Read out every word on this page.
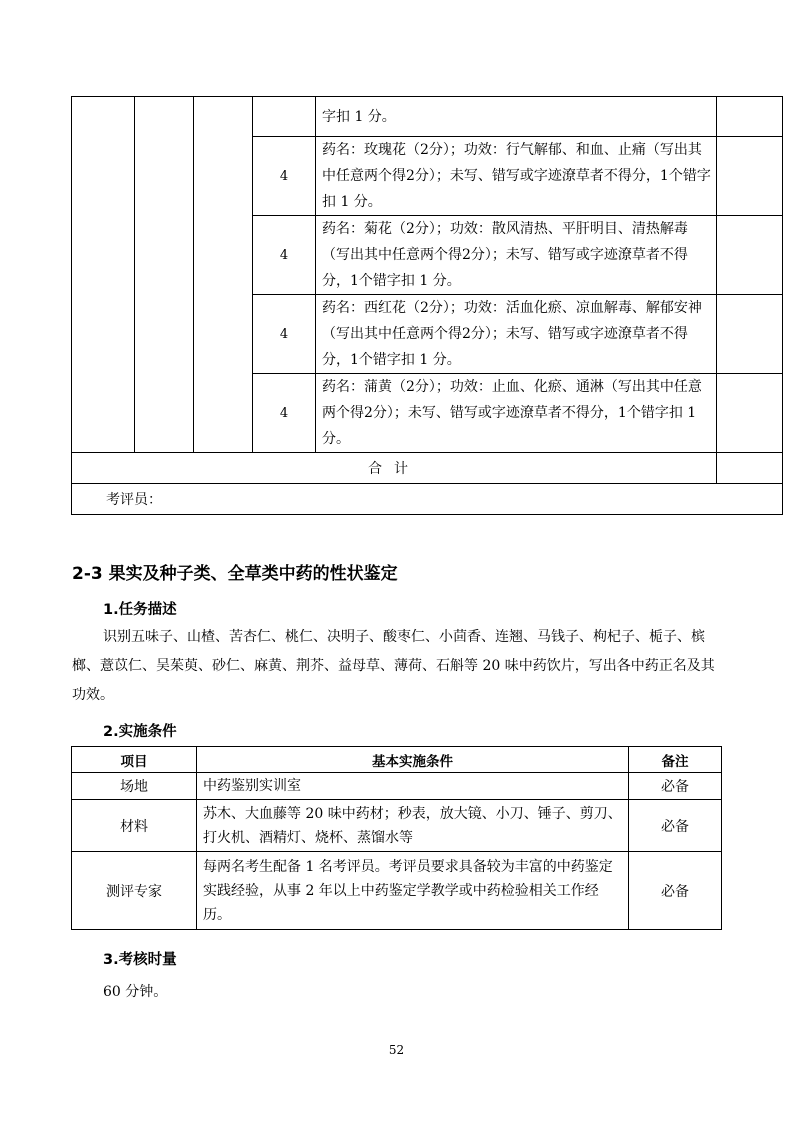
				字扣 1 分。	
			4	药名：玫瑰花（2分）；功效：行气解郁、和血、止痛（写出其中任意两个得2分）；未写、错写或字迹潦草者不得分，1个错字扣 1 分。	
			4	药名：菊花（2分）；功效：散风清热、平肝明目、清热解毒（写出其中任意两个得2分）；未写、错写或字迹潦草者不得分，1个错字扣 1 分。	
			4	药名：西红花（2分）；功效：活血化瘀、凉血解毒、解郁安神（写出其中任意两个得2分）；未写、错写或字迹潦草者不得分，1个错字扣 1 分。	
			4	药名：蒲黄（2分）；功效：止血、化瘀、通淋（写出其中任意两个得2分）；未写、错写或字迹潦草者不得分，1个错字扣 1 分。	
合计					
考评员：					
2-3 果实及种子类、全草类中药的性状鉴定
1.任务描述
识别五味子、山楂、苦杏仁、桃仁、决明子、酸枣仁、小茴香、连翘、马钱子、枸杞子、栀子、槟榔、薏苡仁、吴茱萸、砂仁、麻黄、荆芥、益母草、薄荷、石斛等 20 味中药饮片，写出各中药正名及其功效。
2.实施条件
项目	基本实施条件	备注
场地	中药鉴别实训室	必备
材料	苏木、大血藤等 20 味中药材；秒表，放大镜、小刀、锤子、剪刀、打火机、酒精灯、烧杯、蒸馏水等	必备
测评专家	每两名考生配备 1 名考评员。考评员要求具备较为丰富的中药鉴定实践经验，从事 2 年以上中药鉴定学教学或中药检验相关工作经历。	必备
3.考核时量
60 分钟。
52
